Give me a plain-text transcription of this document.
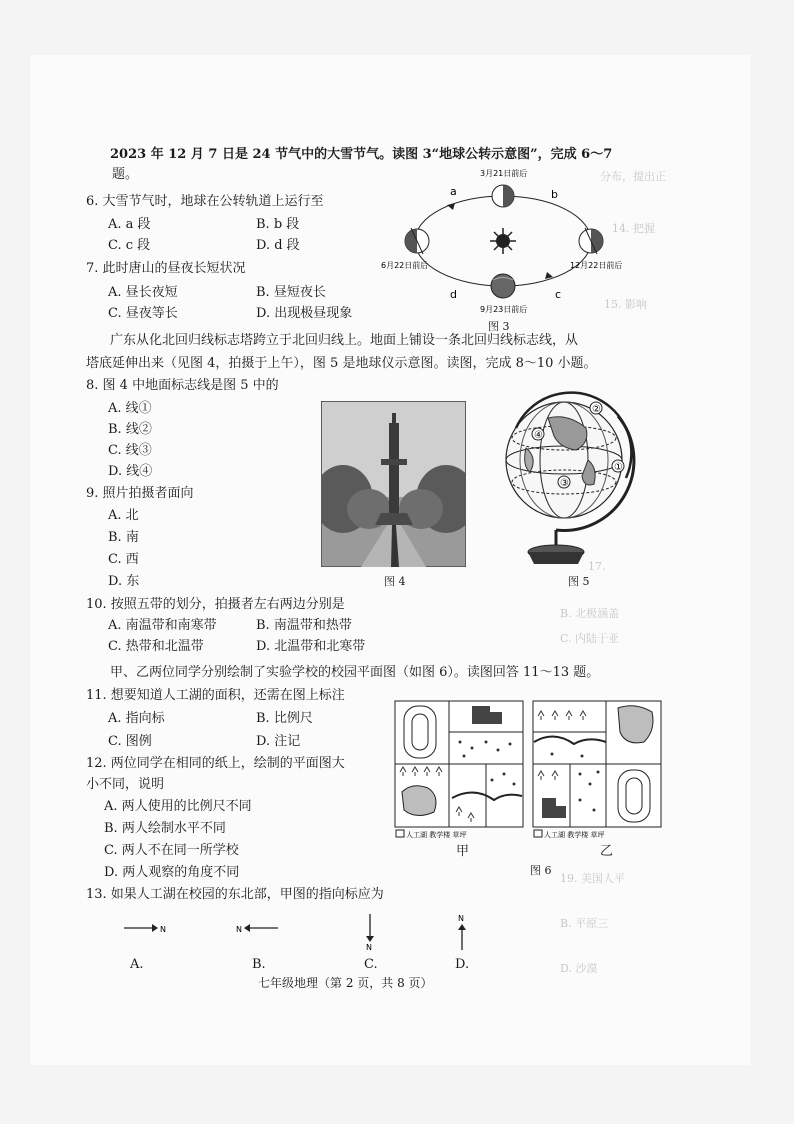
分布，提出正
14. 把握
15. 影响
17.
B. 北极涵盖
C. 内陆于亚
19. 美国人平
B. 平原三
D. 沙漠
2023 年 12 月 7 日是 24 节气中的大雪节气。读图 3“地球公转示意图”，完成 6～7
题。
6. 大雪节气时，地球在公转轨道上运行至
A. a 段	B. b 段
C. c 段	D. d 段
7. 此时唐山的昼夜长短状况
A. 昼长夜短	B. 昼短夜长
C. 昼夜等长	D. 出现极昼现象
a	b
c
d
3月21日前后
6月22日前后	12月22日前后
9月23日前后
图 3
广东从化北回归线标志塔跨立于北回归线上。地面上铺设一条北回归线标志线，从
塔底延伸出来（见图 4，拍摄于上午），图 5 是地球仪示意图。读图，完成 8～10 小题。
8. 图 4 中地面标志线是图 5 中的
A. 线①
B. 线②
C. 线③
D. 线④
9. 照片拍摄者面向
A. 北
B. 南
C. 西
D. 东	图 4
②
④
①
③
图 5
10. 按照五带的划分，拍摄者左右两边分别是
A. 南温带和南寒带	B. 南温带和热带
C. 热带和北温带	D. 北温带和北寒带
甲、乙两位同学分别绘制了实验学校的校园平面图（如图 6）。读图回答 11～13 题。
11. 想要知道人工湖的面积，还需在图上标注
A. 指向标	B. 比例尺
C. 图例	D. 注记
12. 两位同学在相同的纸上，绘制的平面图大
小不同，说明
A. 两人使用的比例尺不同
B. 两人绘制水平不同
C. 两人不在同一所学校
D. 两人观察的角度不同
人工湖 教学楼 草坪	人工湖 教学楼 草坪
甲	乙
图 6
13. 如果人工湖在校园的东北部，甲图的指向标应为
N	N
N
N
A.	B.	C.	D.
七年级地理（第 2 页，共 8 页）
